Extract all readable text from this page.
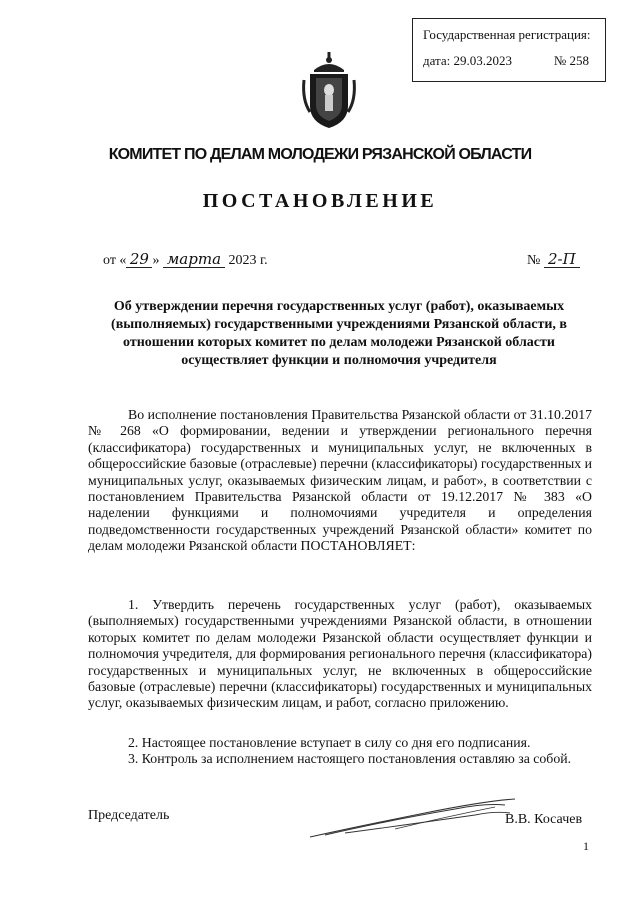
Государственная регистрация:
дата: 29.03.2023	№ 258
КОМИТЕТ ПО ДЕЛАМ МОЛОДЕЖИ РЯЗАНСКОЙ ОБЛАСТИ
ПОСТАНОВЛЕНИЕ
от « 29 » марта 2023 г.	№ 2-П
Об утверждении перечня государственных услуг (работ), оказываемых (выполняемых) государственными учреждениями Рязанской области, в отношении которых комитет по делам молодежи Рязанской области осуществляет функции и полномочия учредителя

Во исполнение постановления Правительства Рязанской области от 31.10.2017 № 268 «О формировании, ведении и утверждении регионального перечня (классификатора) государственных и муниципальных услуг, не включенных в общероссийские базовые (отраслевые) перечни (классификаторы) государственных и муниципальных услуг, оказываемых физическим лицам, и работ», в соответствии с постановлением Правительства Рязанской области от 19.12.2017 № 383 «О наделении функциями и полномочиями учредителя и определения подведомственности государственных учреждений Рязанской области» комитет по делам молодежи Рязанской области ПОСТАНОВЛЯЕТ:

1. Утвердить перечень государственных услуг (работ), оказываемых (выполняемых) государственными учреждениями Рязанской области, в отношении которых комитет по делам молодежи Рязанской области осуществляет функции и полномочия учредителя, для формирования регионального перечня (классификатора) государственных и муниципальных услуг, не включенных в общероссийские базовые (отраслевые) перечни (классификаторы) государственных и муниципальных услуг, оказываемых физическим лицам, и работ, согласно приложению.

2. Настоящее постановление вступает в силу со дня его подписания.

3. Контроль за исполнением настоящего постановления оставляю за собой.

Председатель	В.В. Косачев
1
